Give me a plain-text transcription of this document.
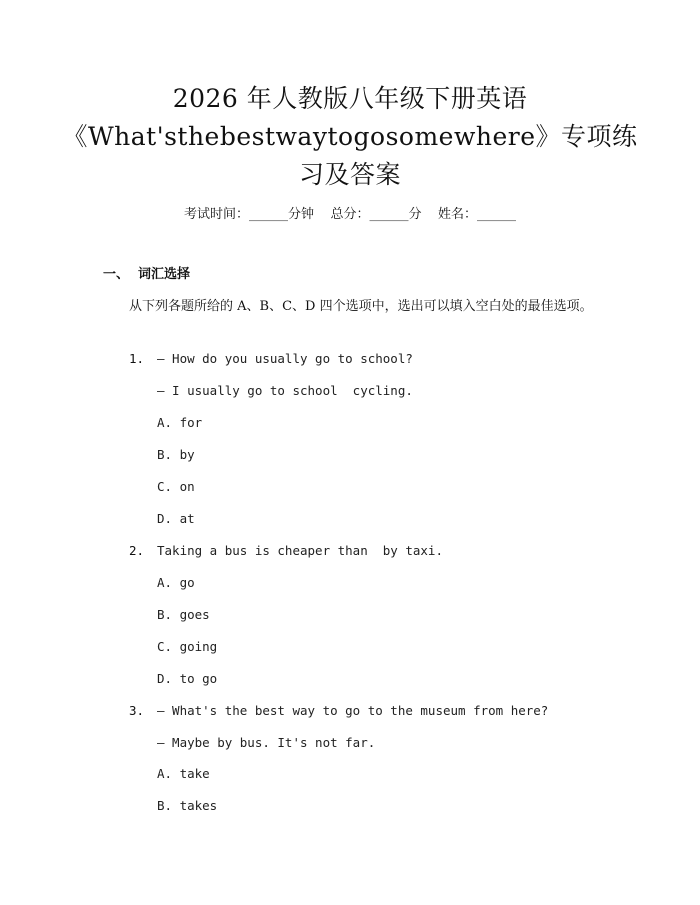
2026 年人教版八年级下册英语
《What'sthebestwaytogosomewhere》专项练
习及答案
考试时间：______分钟    总分：______分    姓名：______
一、  词汇选择
从下列各题所给的 A、B、C、D 四个选项中，选出可以填入空白处的最佳选项。
1. — How do you usually go to school?
— I usually go to school  cycling.
A. for
B. by
C. on
D. at
2. Taking a bus is cheaper than  by taxi.
A. go
B. goes
C. going
D. to go
3. — What's the best way to go to the museum from here?
— Maybe by bus. It's not far.
A. take
B. takes
